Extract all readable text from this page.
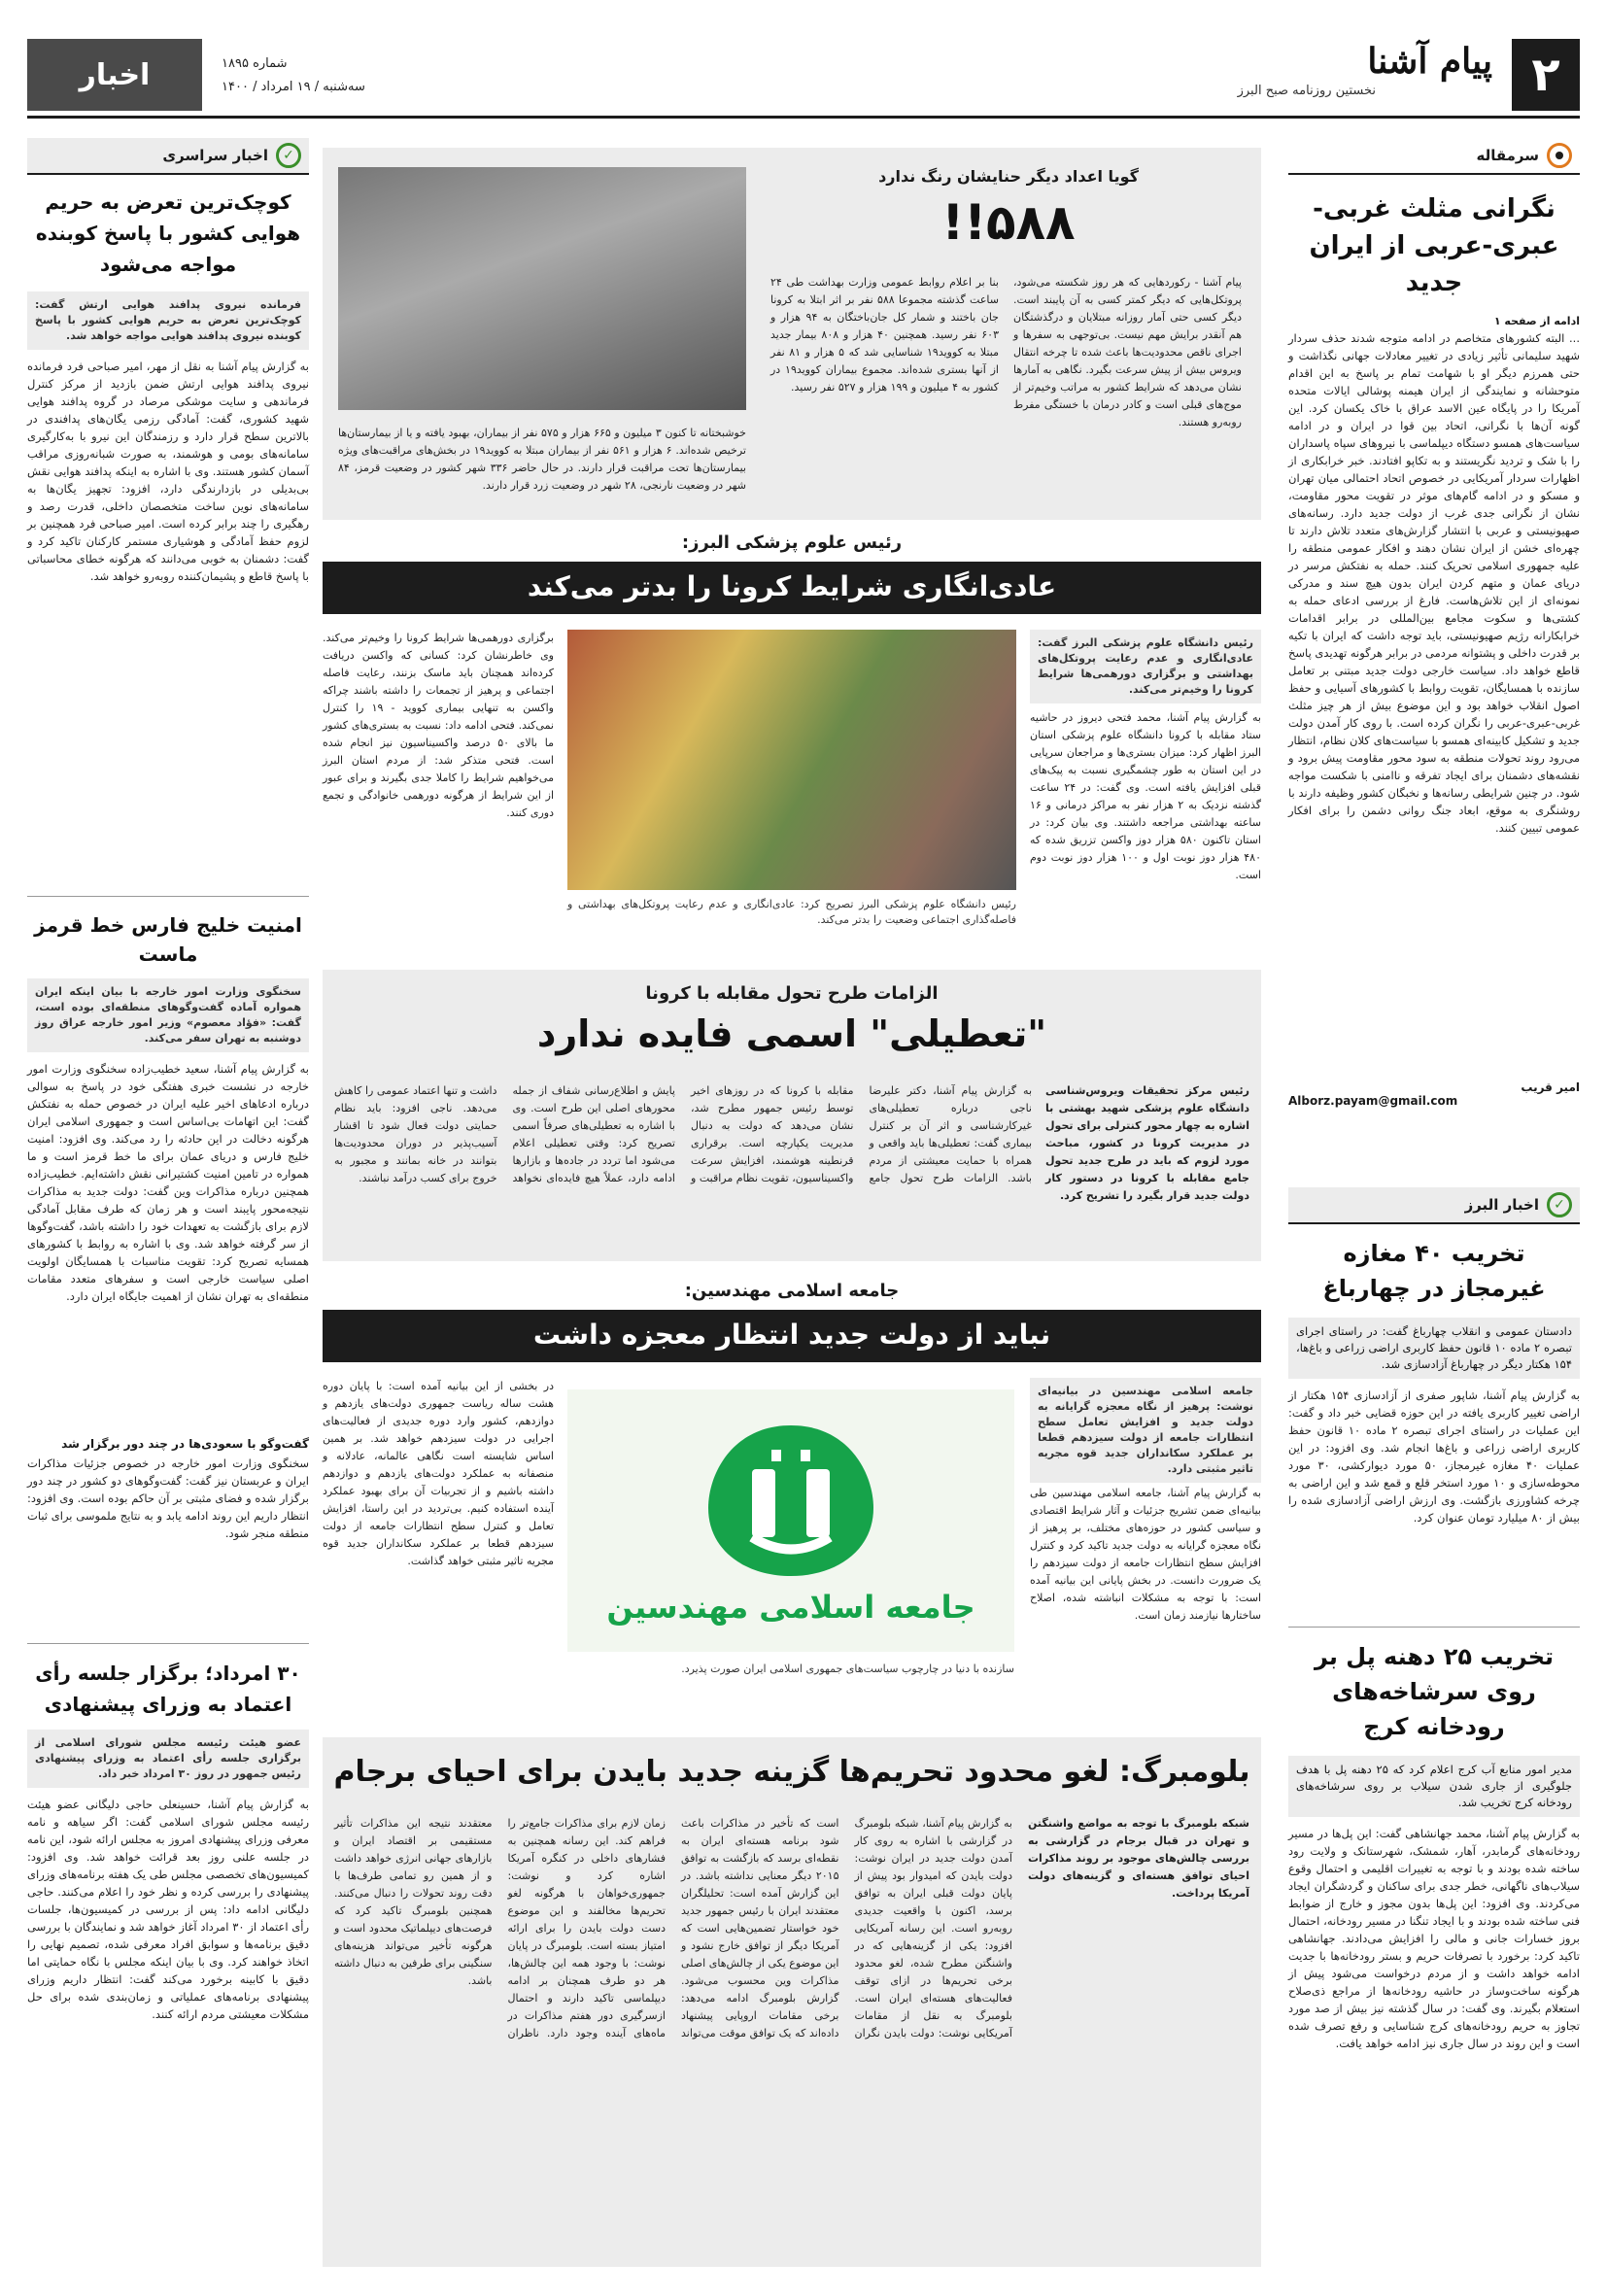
۲
پیام آشنا
نخستین روزنامه صبح البرز
شماره ۱۸۹۵
سه‌شنبه / ۱۹ امرداد / ۱۴۰۰
اخبار
سرمقاله
نگرانی مثلث غربی-عبری-عربی از ایران جدید
ادامه از صفحه ۱
... البته کشورهای متخاصم در ادامه متوجه شدند حذف سردار شهید سلیمانی تأثیر زیادی در تغییر معادلات جهانی نگذاشت و حتی همرزم دیگر او با شهامت تمام بر پاسخ به این اقدام متوحشانه و نمایندگی از ایران هیمنه پوشالی ایالات متحده آمریکا را در پایگاه عین الاسد عراق با خاک یکسان کرد. این گونه آن‌ها با نگرانی، اتحاد بین قوا در ایران و در ادامه سیاست‌های همسو دستگاه دیپلماسی با نیروهای سپاه پاسداران را با شک و تردید نگریستند و به تکاپو افتادند. خبر خرابکاری از اظهارات سردار آمریکایی در خصوص اتحاد احتمالی میان تهران و مسکو و در ادامه گام‌های موثر در تقویت محور مقاومت، نشان از نگرانی جدی غرب از دولت جدید دارد. رسانه‌های صهیونیستی و عربی با انتشار گزارش‌های متعدد تلاش دارند تا چهره‌ای خشن از ایران نشان دهند و افکار عمومی منطقه را علیه جمهوری اسلامی تحریک کنند. حمله به نفتکش مرسر در دریای عمان و متهم کردن ایران بدون هیچ سند و مدرکی نمونه‌ای از این تلاش‌هاست. فارغ از بررسی ادعای حمله به کشتی‌ها و سکوت مجامع بین‌المللی در برابر اقدامات خرابکارانه رژیم صهیونیستی، باید توجه داشت که ایران با تکیه بر قدرت داخلی و پشتوانه مردمی در برابر هرگونه تهدیدی پاسخ قاطع خواهد داد. سیاست خارجی دولت جدید مبتنی بر تعامل سازنده با همسایگان، تقویت روابط با کشورهای آسیایی و حفظ اصول انقلاب خواهد بود و این موضوع بیش از هر چیز مثلث غربی-عبری-عربی را نگران کرده است. با روی کار آمدن دولت جدید و تشکیل کابینه‌ای همسو با سیاست‌های کلان نظام، انتظار می‌رود روند تحولات منطقه به سود محور مقاومت پیش برود و نقشه‌های دشمنان برای ایجاد تفرقه و ناامنی با شکست مواجه شود. در چنین شرایطی رسانه‌ها و نخبگان کشور وظیفه دارند با روشنگری به موقع، ابعاد جنگ روانی دشمن را برای افکار عمومی تبیین کنند.
امیر قریب
Alborz.payam@gmail.com
✓
اخبار البرز
تخریب ۴۰ مغازه غیرمجاز در چهارباغ
دادستان عمومی و انقلاب چهارباغ گفت: در راستای اجرای تبصره ۲ ماده ۱۰ قانون حفظ کاربری اراضی زراعی و باغ‌ها، ۱۵۴ هکتار دیگر در چهارباغ آزادسازی شد.
به گزارش پیام آشنا، شاپور صفری از آزادسازی ۱۵۴ هکتار از اراضی تغییر کاربری یافته در این حوزه قضایی خبر داد و گفت: این عملیات در راستای اجرای تبصره ۲ ماده ۱۰ قانون حفظ کاربری اراضی زراعی و باغ‌ها انجام شد. وی افزود: در این عملیات ۴۰ مغازه غیرمجاز، ۵۰ مورد دیوارکشی، ۳۰ مورد محوطه‌سازی و ۱۰ مورد استخر قلع و قمع شد و این اراضی به چرخه کشاورزی بازگشت. وی ارزش اراضی آزادسازی شده را بیش از ۸۰ میلیارد تومان عنوان کرد.
تخریب ۲۵ دهنه پل بر روی سرشاخه‌های رودخانه کرج
مدیر امور منابع آب کرج اعلام کرد که ۲۵ دهنه پل با هدف جلوگیری از جاری شدن سیلاب بر روی سرشاخه‌های رودخانه کرج تخریب شد.
به گزارش پیام آشنا، محمد جهانشاهی گفت: این پل‌ها در مسیر رودخانه‌های گرمابدر، آهار، شمشک، شهرستانک و ولایت رود ساخته شده بودند و با توجه به تغییرات اقلیمی و احتمال وقوع سیلاب‌های ناگهانی، خطر جدی برای ساکنان و گردشگران ایجاد می‌کردند. وی افزود: این پل‌ها بدون مجوز و خارج از ضوابط فنی ساخته شده بودند و با ایجاد تنگنا در مسیر رودخانه، احتمال بروز خسارات جانی و مالی را افزایش می‌دادند. جهانشاهی تاکید کرد: برخورد با تصرفات حریم و بستر رودخانه‌ها با جدیت ادامه خواهد داشت و از مردم درخواست می‌شود پیش از هرگونه ساخت‌وساز در حاشیه رودخانه‌ها از مراجع ذی‌صلاح استعلام بگیرند. وی گفت: در سال گذشته نیز بیش از صد مورد تجاوز به حریم رودخانه‌های کرج شناسایی و رفع تصرف شده است و این روند در سال جاری نیز ادامه خواهد یافت.
✓
اخبار سراسری
کوچک‌ترین تعرض به حریم هوایی کشور با پاسخ کوبنده مواجه می‌شود
فرمانده نیروی پدافند هوایی ارتش گفت: کوچک‌ترین تعرض به حریم هوایی کشور با پاسخ کوبنده نیروی پدافند هوایی مواجه خواهد شد.
به گزارش پیام آشنا به نقل از مهر، امیر صباحی فرد فرمانده نیروی پدافند هوایی ارتش ضمن بازدید از مرکز کنترل فرماندهی و سایت موشکی مرصاد در گروه پدافند هوایی شهید کشوری، گفت: آمادگی رزمی یگان‌های پدافندی در بالاترین سطح قرار دارد و رزمندگان این نیرو با به‌کارگیری سامانه‌های بومی و هوشمند، به صورت شبانه‌روزی مراقب آسمان کشور هستند. وی با اشاره به اینکه پدافند هوایی نقش بی‌بدیلی در بازدارندگی دارد، افزود: تجهیز یگان‌ها به سامانه‌های نوین ساخت متخصصان داخلی، قدرت رصد و رهگیری را چند برابر کرده است. امیر صباحی فرد همچنین بر لزوم حفظ آمادگی و هوشیاری مستمر کارکنان تاکید کرد و گفت: دشمنان به خوبی می‌دانند که هرگونه خطای محاسباتی با پاسخ قاطع و پشیمان‌کننده روبه‌رو خواهد شد.
امنیت خلیج فارس خط قرمز ماست
سخنگوی وزارت امور خارجه با بیان اینکه ایران همواره آماده گفت‌وگوهای منطقه‌ای بوده است، گفت: «فؤاد معصوم» وزیر امور خارجه عراق روز دوشنبه به تهران سفر می‌کند.
به گزارش پیام آشنا، سعید خطیب‌زاده سخنگوی وزارت امور خارجه در نشست خبری هفتگی خود در پاسخ به سوالی درباره ادعاهای اخیر علیه ایران در خصوص حمله به نفتکش گفت: این اتهامات بی‌اساس است و جمهوری اسلامی ایران هرگونه دخالت در این حادثه را رد می‌کند. وی افزود: امنیت خلیج فارس و دریای عمان برای ما خط قرمز است و ما همواره در تامین امنیت کشتیرانی نقش داشته‌ایم. خطیب‌زاده همچنین درباره مذاکرات وین گفت: دولت جدید به مذاکرات نتیجه‌محور پایبند است و هر زمان که طرف مقابل آمادگی لازم برای بازگشت به تعهدات خود را داشته باشد، گفت‌وگوها از سر گرفته خواهد شد. وی با اشاره به روابط با کشورهای همسایه تصریح کرد: تقویت مناسبات با همسایگان اولویت اصلی سیاست خارجی است و سفرهای متعدد مقامات منطقه‌ای به تهران نشان از اهمیت جایگاه ایران دارد.
گفت‌وگو با سعودی‌ها در چند دور برگزار شد
سخنگوی وزارت امور خارجه در خصوص جزئیات مذاکرات ایران و عربستان نیز گفت: گفت‌وگوهای دو کشور در چند دور برگزار شده و فضای مثبتی بر آن حاکم بوده است. وی افزود: انتظار داریم این روند ادامه یابد و به نتایج ملموسی برای ثبات منطقه منجر شود.
۳۰ امرداد؛ برگزار جلسه رأی اعتماد به وزرای پیشنهادی
عضو هیئت رئیسه مجلس شورای اسلامی از برگزاری جلسه رأی اعتماد به وزرای پیشنهادی رئیس جمهور در روز ۳۰ امرداد خبر داد.
به گزارش پیام آشنا، حسینعلی حاجی دلیگانی عضو هیئت رئیسه مجلس شورای اسلامی گفت: اگر سیاهه و نامه معرفی وزرای پیشنهادی امروز به مجلس ارائه شود، این نامه در جلسه علنی روز بعد قرائت خواهد شد. وی افزود: کمیسیون‌های تخصصی مجلس طی یک هفته برنامه‌های وزرای پیشنهادی را بررسی کرده و نظر خود را اعلام می‌کنند. حاجی دلیگانی ادامه داد: پس از بررسی در کمیسیون‌ها، جلسات رأی اعتماد از ۳۰ امرداد آغاز خواهد شد و نمایندگان با بررسی دقیق برنامه‌ها و سوابق افراد معرفی شده، تصمیم نهایی را اتخاذ خواهند کرد. وی با بیان اینکه مجلس با نگاه حمایتی اما دقیق با کابینه برخورد می‌کند گفت: انتظار داریم وزرای پیشنهادی برنامه‌های عملیاتی و زمان‌بندی شده برای حل مشکلات معیشتی مردم ارائه کنند.
گویا اعداد دیگر حنایشان رنگ ندارد
۵۸۸!!
پیام آشنا - رکوردهایی که هر روز شکسته می‌شود، پروتکل‌هایی که دیگر کمتر کسی به آن پایبند است. دیگر کسی حتی آمار روزانه مبتلایان و درگذشتگان هم آنقدر برایش مهم نیست. بی‌توجهی به سفرها و اجرای ناقص محدودیت‌ها باعث شده تا چرخه انتقال ویروس بیش از پیش سرعت بگیرد. نگاهی به آمارها نشان می‌دهد که شرایط کشور به مراتب وخیم‌تر از موج‌های قبلی است و کادر درمان با خستگی مفرط روبه‌رو هستند.
بنا بر اعلام روابط عمومی وزارت بهداشت طی ۲۴ ساعت گذشته مجموعا ۵۸۸ نفر بر اثر ابتلا به کرونا جان باختند و شمار کل جان‌باختگان به ۹۴ هزار و ۶۰۳ نفر رسید. همچنین ۴۰ هزار و ۸۰۸ بیمار جدید مبتلا به کووید۱۹ شناسایی شد که ۵ هزار و ۸۱ نفر از آنها بستری شده‌اند. مجموع بیماران کووید۱۹ در کشور به ۴ میلیون و ۱۹۹ هزار و ۵۲۷ نفر رسید.
خوشبختانه تا کنون ۳ میلیون و ۶۶۵ هزار و ۵۷۵ نفر از بیماران، بهبود یافته و یا از بیمارستان‌ها ترخیص شده‌اند. ۶ هزار و ۵۶۱ نفر از بیماران مبتلا به کووید۱۹ در بخش‌های مراقبت‌های ویژه بیمارستان‌ها تحت مراقبت قرار دارند. در حال حاضر ۳۳۶ شهر کشور در وضعیت قرمز، ۸۴ شهر در وضعیت نارنجی، ۲۸ شهر در وضعیت زرد قرار دارند.
رئیس علوم پزشکی البرز:
عادی‌انگاری شرایط کرونا را بدتر می‌کند
رئیس دانشگاه علوم پزشکی البرز تصریح کرد: عادی‌انگاری و عدم رعایت پروتکل‌های بهداشتی و فاصله‌گذاری اجتماعی وضعیت را بدتر می‌کند.
رئیس دانشگاه علوم پزشکی البرز گفت: عادی‌انگاری و عدم رعایت پروتکل‌های بهداشتی و برگزاری دورهمی‌ها شرایط کرونا را وخیم‌تر می‌کند.
به گزارش پیام آشنا، محمد فتحی دیروز در حاشیه ستاد مقابله با کرونا دانشگاه علوم پزشکی استان البرز اظهار کرد: میزان بستری‌ها و مراجعان سرپایی در این استان به طور چشمگیری نسبت به پیک‌های قبلی افزایش یافته است. وی گفت: در ۲۴ ساعت گذشته نزدیک به ۲ هزار نفر به مراکز درمانی و ۱۶ ساعته بهداشتی مراجعه داشتند. وی بیان کرد: در استان تاکنون ۵۸۰ هزار دوز واکسن تزریق شده که ۴۸۰ هزار دوز نوبت اول و ۱۰۰ هزار دوز نوبت دوم است.
برگزاری دورهمی‌ها شرایط کرونا را وخیم‌تر می‌کند. وی خاطرنشان کرد: کسانی که واکسن دریافت کرده‌اند همچنان باید ماسک بزنند، رعایت فاصله اجتماعی و پرهیز از تجمعات را داشته باشند چراکه واکسن به تنهایی بیماری کووید - ۱۹ را کنترل نمی‌کند. فتحی ادامه داد: نسبت به بستری‌های کشور ما بالای ۵۰ درصد واکسیناسیون نیز انجام شده است. فتحی متذکر شد: از مردم استان البرز می‌خواهیم شرایط را کاملا جدی بگیرند و برای عبور از این شرایط از هرگونه دورهمی خانوادگی و تجمع دوری کنند.
الزامات طرح تحول مقابله با کرونا
"تعطیلی" اسمی فایده ندارد
رئیس مرکز تحقیقات ویروس‌شناسی دانشگاه علوم پزشکی شهید بهشتی با اشاره به چهار محور کنترلی برای تحول در مدیریت کرونا در کشور، مباحث مورد لزوم که باید در طرح جدید تحول جامع مقابله با کرونا در دستور کار دولت جدید قرار بگیرد را تشریح کرد.
به گزارش پیام آشنا، دکتر علیرضا ناجی درباره تعطیلی‌های غیرکارشناسی و اثر آن بر کنترل بیماری گفت: تعطیلی‌ها باید واقعی و همراه با حمایت معیشتی از مردم باشد. الزامات طرح تحول جامع مقابله با کرونا که در روزهای اخیر توسط رئیس جمهور مطرح شد، نشان می‌دهد که دولت به دنبال مدیریت یکپارچه است. برقراری قرنطینه هوشمند، افزایش سرعت واکسیناسیون، تقویت نظام مراقبت و پایش و اطلاع‌رسانی شفاف از جمله محورهای اصلی این طرح است. وی با اشاره به تعطیلی‌های صرفاً اسمی تصریح کرد: وقتی تعطیلی اعلام می‌شود اما تردد در جاده‌ها و بازارها ادامه دارد، عملاً هیچ فایده‌ای نخواهد داشت و تنها اعتماد عمومی را کاهش می‌دهد. ناجی افزود: باید نظام حمایتی دولت فعال شود تا اقشار آسیب‌پذیر در دوران محدودیت‌ها بتوانند در خانه بمانند و مجبور به خروج برای کسب درآمد نباشند.
جامعه اسلامی مهندسین:
نباید از دولت جدید انتظار معجزه داشت
جامعه اسلامی مهندسین در بیانیه‌ای نوشت: پرهیز از نگاه معجزه گرایانه به دولت جدید و افزایش تعامل سطح انتظارات جامعه از دولت سیزدهم قطعا بر عملکرد سکانداران جدید قوه مجریه تاثیر مثبتی دارد.
به گزارش پیام آشنا، جامعه اسلامی مهندسین طی بیانیه‌ای ضمن تشریح جزئیات و آثار شرایط اقتصادی و سیاسی کشور در حوزه‌های مختلف، بر پرهیز از نگاه معجزه گرایانه به دولت جدید تاکید کرد و کنترل افزایش سطح انتظارات جامعه از دولت سیزدهم را یک ضرورت دانست. در بخش پایانی این بیانیه آمده است: با توجه به مشکلات انباشته شده، اصلاح ساختارها نیازمند زمان است.
جامعه اسلامی مهندسین
سازنده با دنیا در چارچوب سیاست‌های جمهوری اسلامی ایران صورت پذیرد.
در بخشی از این بیانیه آمده است: با پایان دوره هشت ساله ریاست جمهوری دولت‌های یازدهم و دوازدهم، کشور وارد دوره جدیدی از فعالیت‌های اجرایی در دولت سیزدهم خواهد شد. بر همین اساس شایسته است نگاهی عالمانه، عادلانه و منصفانه به عملکرد دولت‌های یازدهم و دوازدهم داشته باشیم و از تجربیات آن برای بهبود عملکرد آینده استفاده کنیم. بی‌تردید در این راستا، افزایش تعامل و کنترل سطح انتظارات جامعه از دولت سیزدهم قطعا بر عملکرد سکانداران جدید قوه مجریه تاثیر مثبتی خواهد گذاشت.
بلومبرگ: لغو محدود تحریم‌ها گزینه جدید بایدن برای احیای برجام
شبکه بلومبرگ با توجه به مواضع واشنگتن و تهران در قبال برجام در گزارشی به بررسی چالش‌های موجود بر روند مذاکرات احیای توافق هسته‌ای و گزینه‌های دولت آمریکا پرداخت.
به گزارش پیام آشنا، شبکه بلومبرگ در گزارشی با اشاره به روی کار آمدن دولت جدید در ایران نوشت: دولت بایدن که امیدوار بود پیش از پایان دولت قبلی ایران به توافق برسد، اکنون با واقعیت جدیدی روبه‌رو است. این رسانه آمریکایی افزود: یکی از گزینه‌هایی که در واشنگتن مطرح شده، لغو محدود برخی تحریم‌ها در ازای توقف فعالیت‌های هسته‌ای ایران است. بلومبرگ به نقل از مقامات آمریکایی نوشت: دولت بایدن نگران است که تأخیر در مذاکرات باعث شود برنامه هسته‌ای ایران به نقطه‌ای برسد که بازگشت به توافق ۲۰۱۵ دیگر معنایی نداشته باشد. در این گزارش آمده است: تحلیلگران معتقدند ایران با رئیس جمهور جدید خود خواستار تضمین‌هایی است که آمریکا دیگر از توافق خارج نشود و این موضوع یکی از چالش‌های اصلی مذاکرات وین محسوب می‌شود. گزارش بلومبرگ ادامه می‌دهد: برخی مقامات اروپایی پیشنهاد داده‌اند که یک توافق موقت می‌تواند زمان لازم برای مذاکرات جامع‌تر را فراهم کند. این رسانه همچنین به فشارهای داخلی در کنگره آمریکا اشاره کرد و نوشت: جمهوری‌خواهان با هرگونه لغو تحریم‌ها مخالفند و این موضوع دست دولت بایدن را برای ارائه امتیاز بسته است. بلومبرگ در پایان نوشت: با وجود همه این چالش‌ها، هر دو طرف همچنان بر ادامه دیپلماسی تاکید دارند و احتمال ازسرگیری دور هفتم مذاکرات در ماه‌های آینده وجود دارد. ناظران معتقدند نتیجه این مذاکرات تأثیر مستقیمی بر اقتصاد ایران و بازارهای جهانی انرژی خواهد داشت و از همین رو تمامی طرف‌ها با دقت روند تحولات را دنبال می‌کنند. همچنین بلومبرگ تاکید کرد که فرصت‌های دیپلماتیک محدود است و هرگونه تأخیر می‌تواند هزینه‌های سنگینی برای طرفین به دنبال داشته باشد.
